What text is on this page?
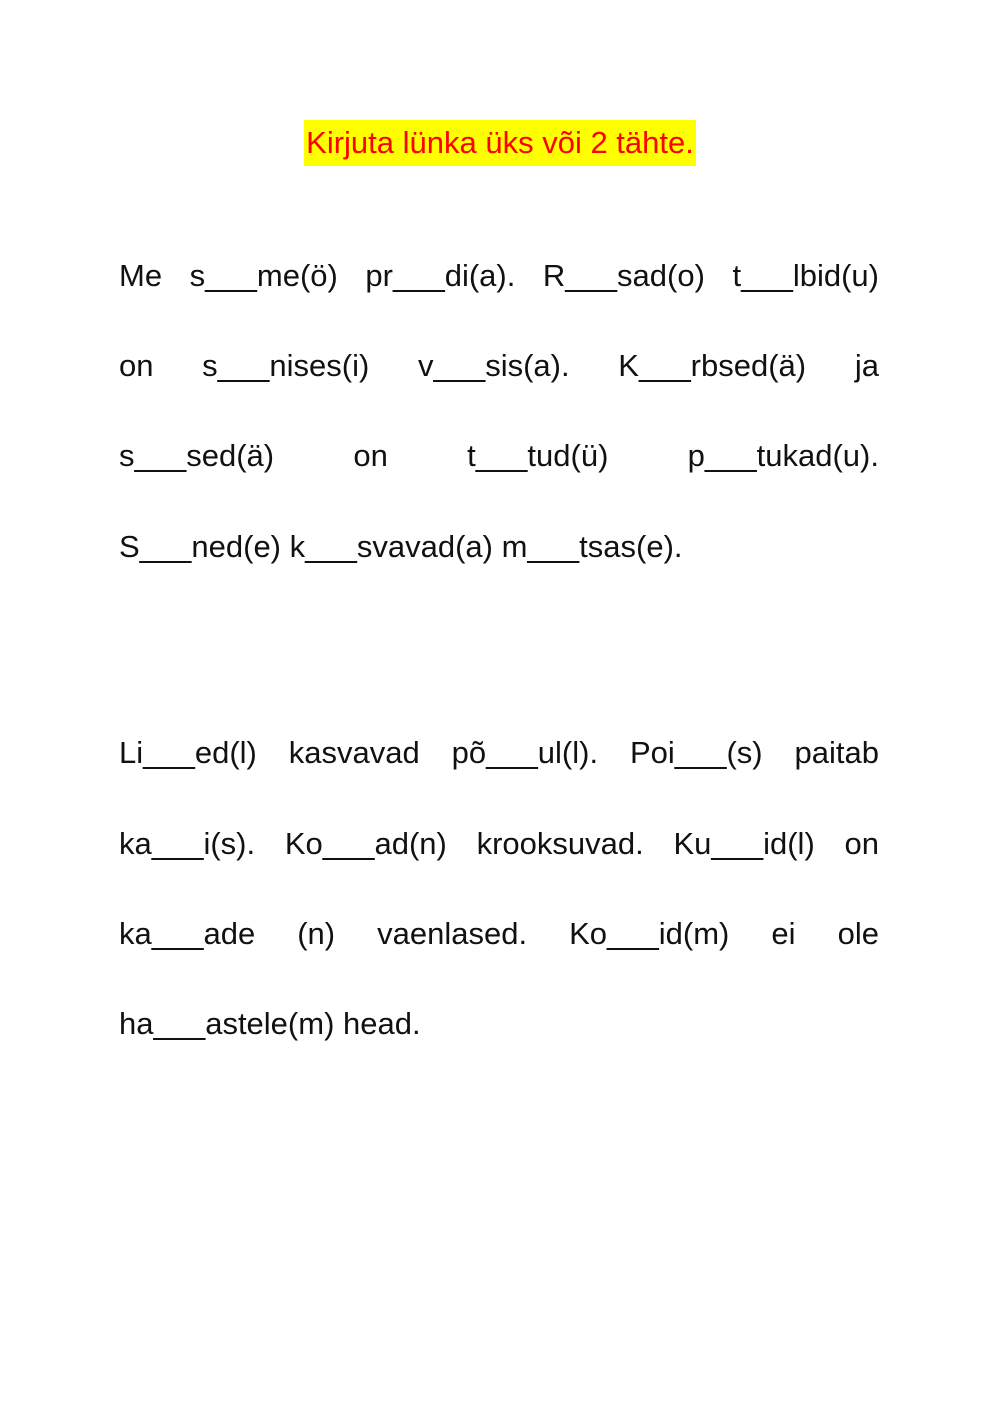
Kirjuta lünka üks või 2 tähte.
Me s___me(ö) pr___di(a). R___sad(o) t___lbid(u)
on s___nises(i) v___sis(a). K___rbsed(ä) ja
s___sed(ä)	on	t___tud(ü)	p___tukad(u).
S___ned(e) k___svavad(a) m___tsas(e).
Li___ed(l) kasvavad põ___ul(l). Poi___(s) paitab
ka___i(s). Ko___ad(n) krooksuvad. Ku___id(l) on
ka___ade (n) vaenlased. Ko___id(m) ei ole
ha___astele(m) head.
